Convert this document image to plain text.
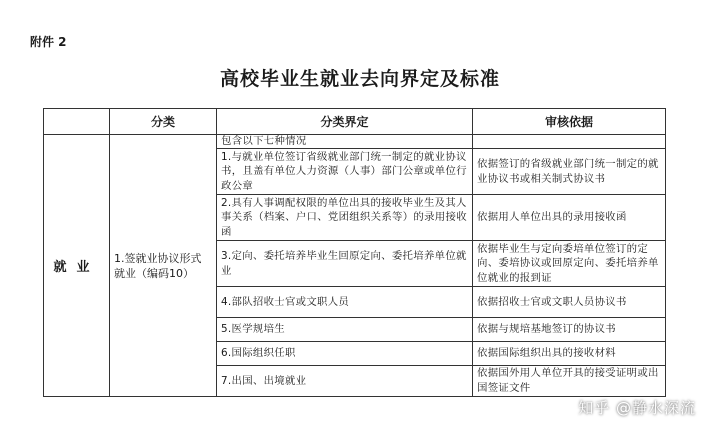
附件 2
高校毕业生就业去向界定及标准
	分类	分类界定	审核依据
就业	1.签就业协议形式就业（编码10）	包含以下七种情况	
		1.与就业单位签订省级就业部门统一制定的就业协议书，且盖有单位人力资源（人事）部门公章或单位行政公章	依据签订的省级就业部门统一制定的就业协议书或相关制式协议书
		2.具有人事调配权限的单位出具的接收毕业生及其人事关系（档案、户口、党团组织关系等）的录用接收函	依据用人单位出具的录用接收函
		3.定向、委托培养毕业生回原定向、委托培养单位就业	依据毕业生与定向委培单位签订的定向、委培协议或回原定向、委托培养单位就业的报到证
		4.部队招收士官或文职人员	依据招收士官或文职人员协议书
		5.医学规培生	依据与规培基地签订的协议书
		6.国际组织任职	依据国际组织出具的接收材料
		7.出国、出境就业	依据国外用人单位开具的接受证明或出国签证文件
知乎 @静水深流
